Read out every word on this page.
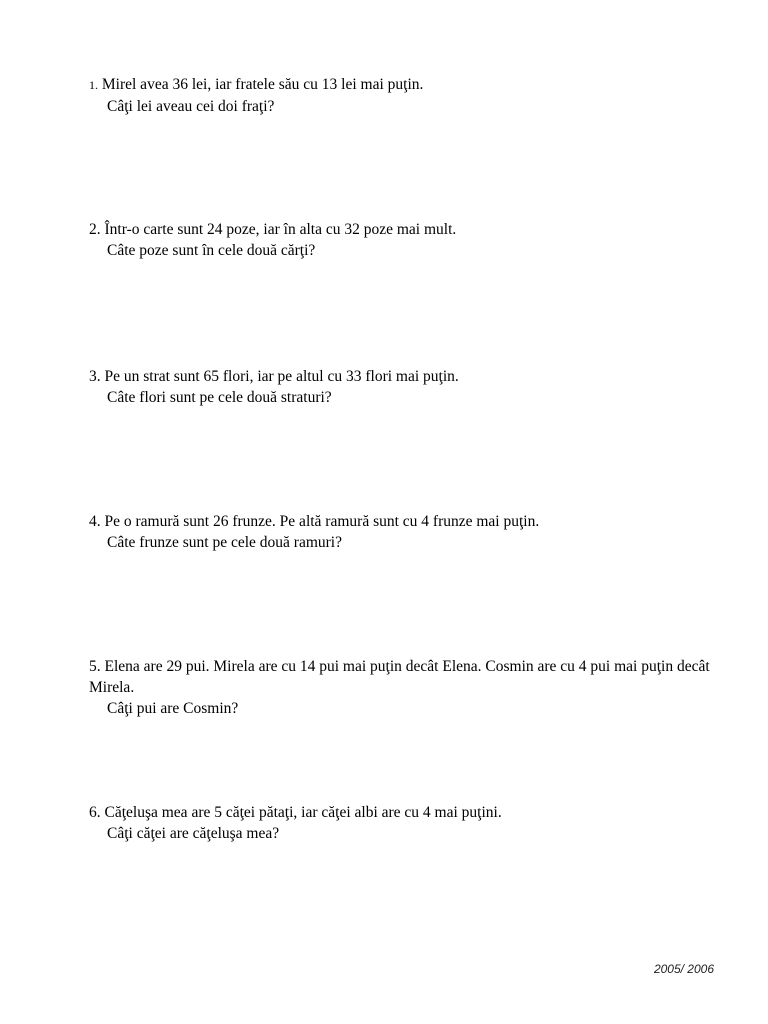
1. Mirel avea 36 lei, iar fratele său cu 13 lei mai puţin.
Câţi lei aveau cei doi fraţi?
2. Într-o carte sunt 24 poze, iar în alta cu 32 poze mai mult.
Câte poze sunt în cele două cărţi?
3. Pe un strat sunt 65 flori, iar pe altul cu 33 flori mai puţin.
Câte flori sunt pe cele două straturi?
4. Pe o ramură sunt 26 frunze. Pe altă ramură sunt cu 4 frunze mai puţin.
Câte frunze sunt pe cele două ramuri?
5. Elena are 29 pui. Mirela are cu 14 pui mai puţin decât Elena. Cosmin are cu 4 pui mai puţin decât Mirela.
Câţi pui are Cosmin?
6. Căţeluşa mea are 5 căţei pătaţi, iar căţei albi are cu 4 mai puţini.
Câţi căţei are căţeluşa mea?
2005/ 2006
